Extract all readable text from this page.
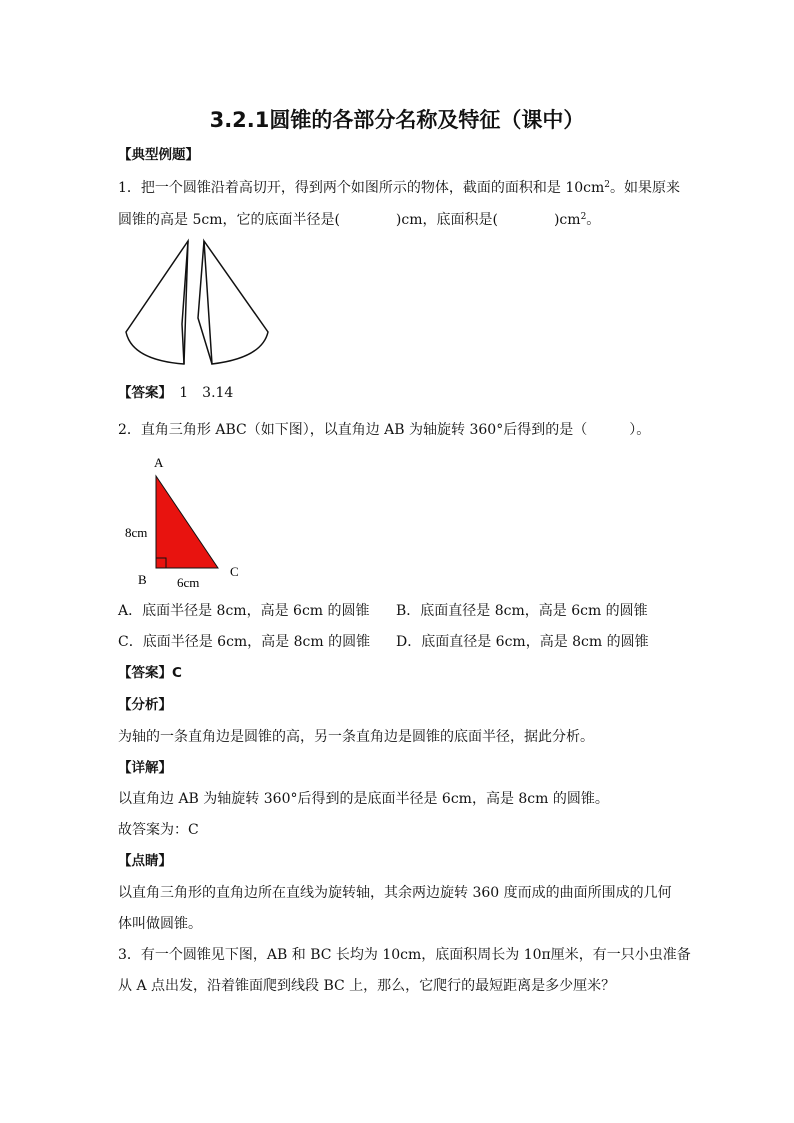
3.2.1圆锥的各部分名称及特征（课中）
【典型例题】
1．把一个圆锥沿着高切开，得到两个如图所示的物体，截面的面积和是 $10cm^2$。如果原来
圆锥的高是 5cm，它的底面半径是(　　　　)cm，底面积是(　　　　)$cm^2$。
【答案】　1　3.14
2．直角三角形 ABC（如下图），以直角边 AB 为轴旋转 360°后得到的是（　　　）。
A
B
C
8cm
6cm
A．底面半径是 8cm，高是 6cm 的圆锥 B．底面直径是 8cm，高是 6cm 的圆锥
C．底面半径是 6cm，高是 8cm 的圆锥 D．底面直径是 6cm，高是 8cm 的圆锥
【答案】C
【分析】
为轴的一条直角边是圆锥的高，另一条直角边是圆锥的底面半径，据此分析。
【详解】
以直角边 AB 为轴旋转 360°后得到的是底面半径是 6cm，高是 8cm 的圆锥。
故答案为：C
【点睛】
以直角三角形的直角边所在直线为旋转轴，其余两边旋转 360 度而成的曲面所围成的几何
体叫做圆锥。
3．有一个圆锥见下图，AB 和 BC 长均为 10cm，底面积周长为 10π厘米，有一只小虫准备
从 A 点出发，沿着锥面爬到线段 BC 上，那么，它爬行的最短距离是多少厘米？
